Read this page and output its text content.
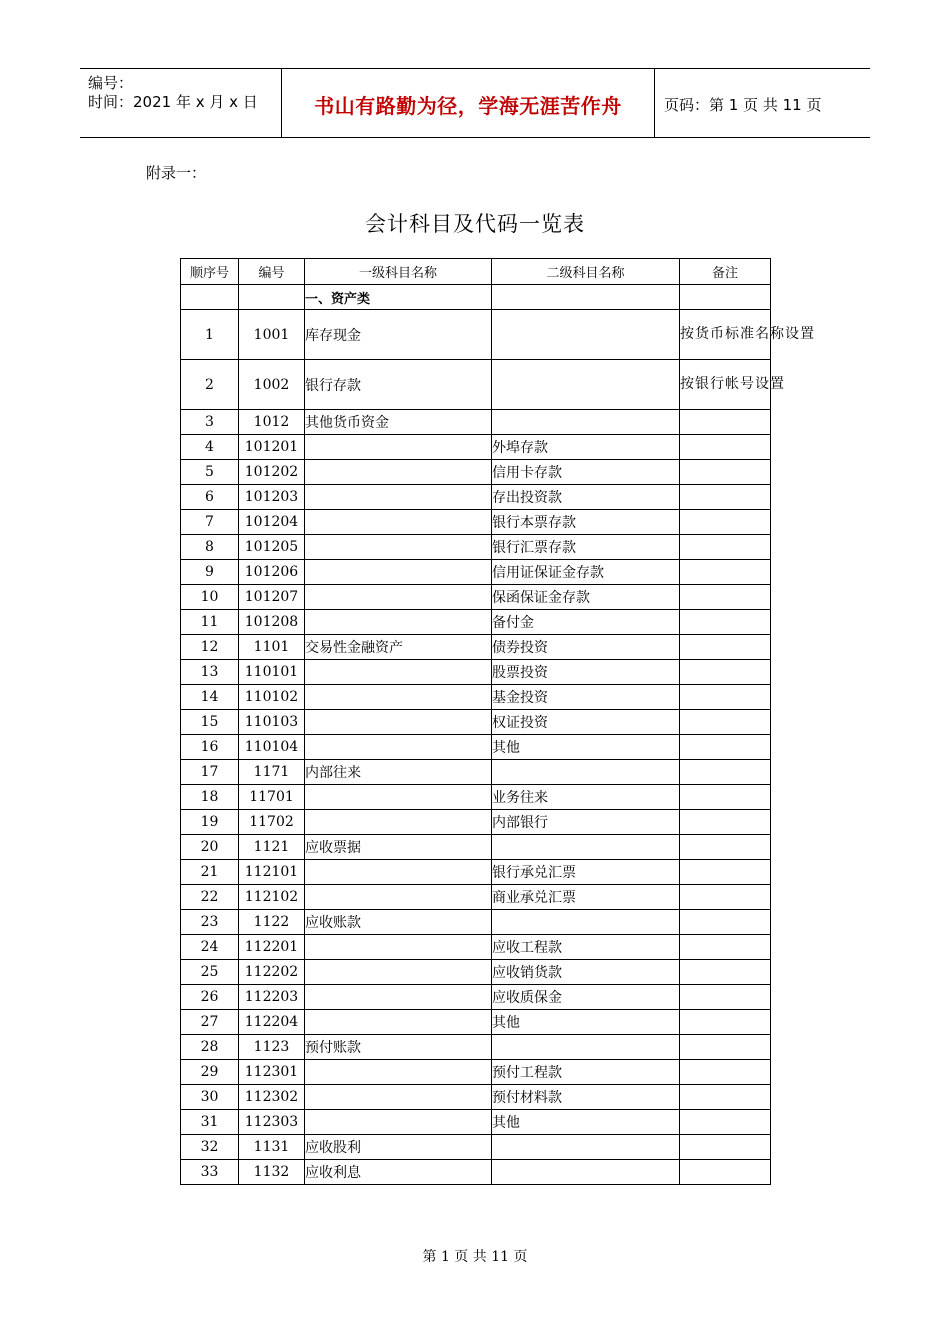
编号：
时间：2021 年 x 月 x 日	书山有路勤为径，学海无涯苦作舟	页码：第 1 页 共 11 页
附录一：
会计科目及代码一览表
顺序号	编号	一级科目名称	二级科目名称	备注
		一、资产类		
1	1001	库存现金		按货币标准名称设置
2	1002	银行存款		按银行帐号设置
3	1012	其他货币资金		
4	101201		外埠存款	
5	101202		信用卡存款	
6	101203		存出投资款	
7	101204		银行本票存款	
8	101205		银行汇票存款	
9	101206		信用证保证金存款	
10	101207		保函保证金存款	
11	101208		备付金	
12	1101	交易性金融资产	债券投资	
13	110101		股票投资	
14	110102		基金投资	
15	110103		权证投资	
16	110104		其他	
17	1171	内部往来		
18	11701		业务往来	
19	11702		内部银行	
20	1121	应收票据		
21	112101		银行承兑汇票	
22	112102		商业承兑汇票	
23	1122	应收账款		
24	112201		应收工程款	
25	112202		应收销货款	
26	112203		应收质保金	
27	112204		其他	
28	1123	预付账款		
29	112301		预付工程款	
30	112302		预付材料款	
31	112303		其他	
32	1131	应收股利		
33	1132	应收利息		
第 1 页 共 11 页
